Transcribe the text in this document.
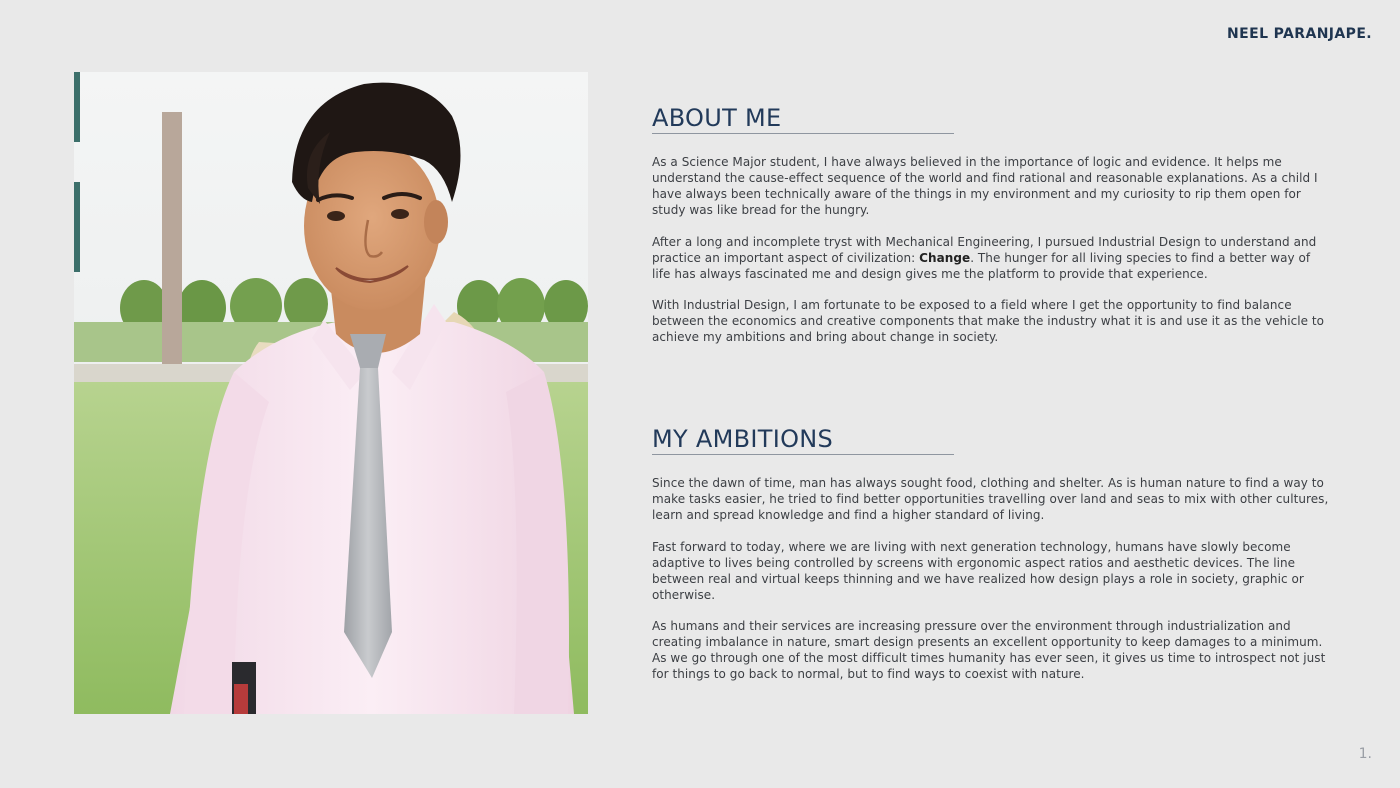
NEEL PARANJAPE.
ABOUT ME

As a Science Major student, I have always believed in the importance of logic and evidence. It helps me understand the cause-effect sequence of the world and find rational and reasonable explanations. As a child I have always been technically aware of the things in my environment and my curiosity to rip them open for study was like bread for the hungry.

After a long and incomplete tryst with Mechanical Engineering, I pursued Industrial Design to understand and practice an important aspect of civilization: Change. The hunger for all living species to find a better way of life has always fascinated me and design gives me the platform to provide that experience.

With Industrial Design, I am fortunate to be exposed to a field where I get the opportunity to find balance between the economics and creative components that make the industry what it is and use it as the vehicle to achieve my ambitions and bring about change in society.

MY AMBITIONS

Since the dawn of time, man has always sought food, clothing and shelter. As is human nature to find a way to make tasks easier, he tried to find better opportunities travelling over land and seas to mix with other cultures, learn and spread knowledge and find a higher standard of living.

Fast forward to today, where we are living with next generation technology, humans have slowly become adaptive to lives being controlled by screens with ergonomic aspect ratios and aesthetic devices. The line between real and virtual keeps thinning and we have realized how design plays a role in society, graphic or otherwise.

As humans and their services are increasing pressure over the environment through industrialization and creating imbalance in nature, smart design presents an excellent opportunity to keep damages to a minimum. As we go through one of the most difficult times humanity has ever seen, it gives us time to introspect not just for things to go back to normal, but to find ways to coexist with nature.

1.
